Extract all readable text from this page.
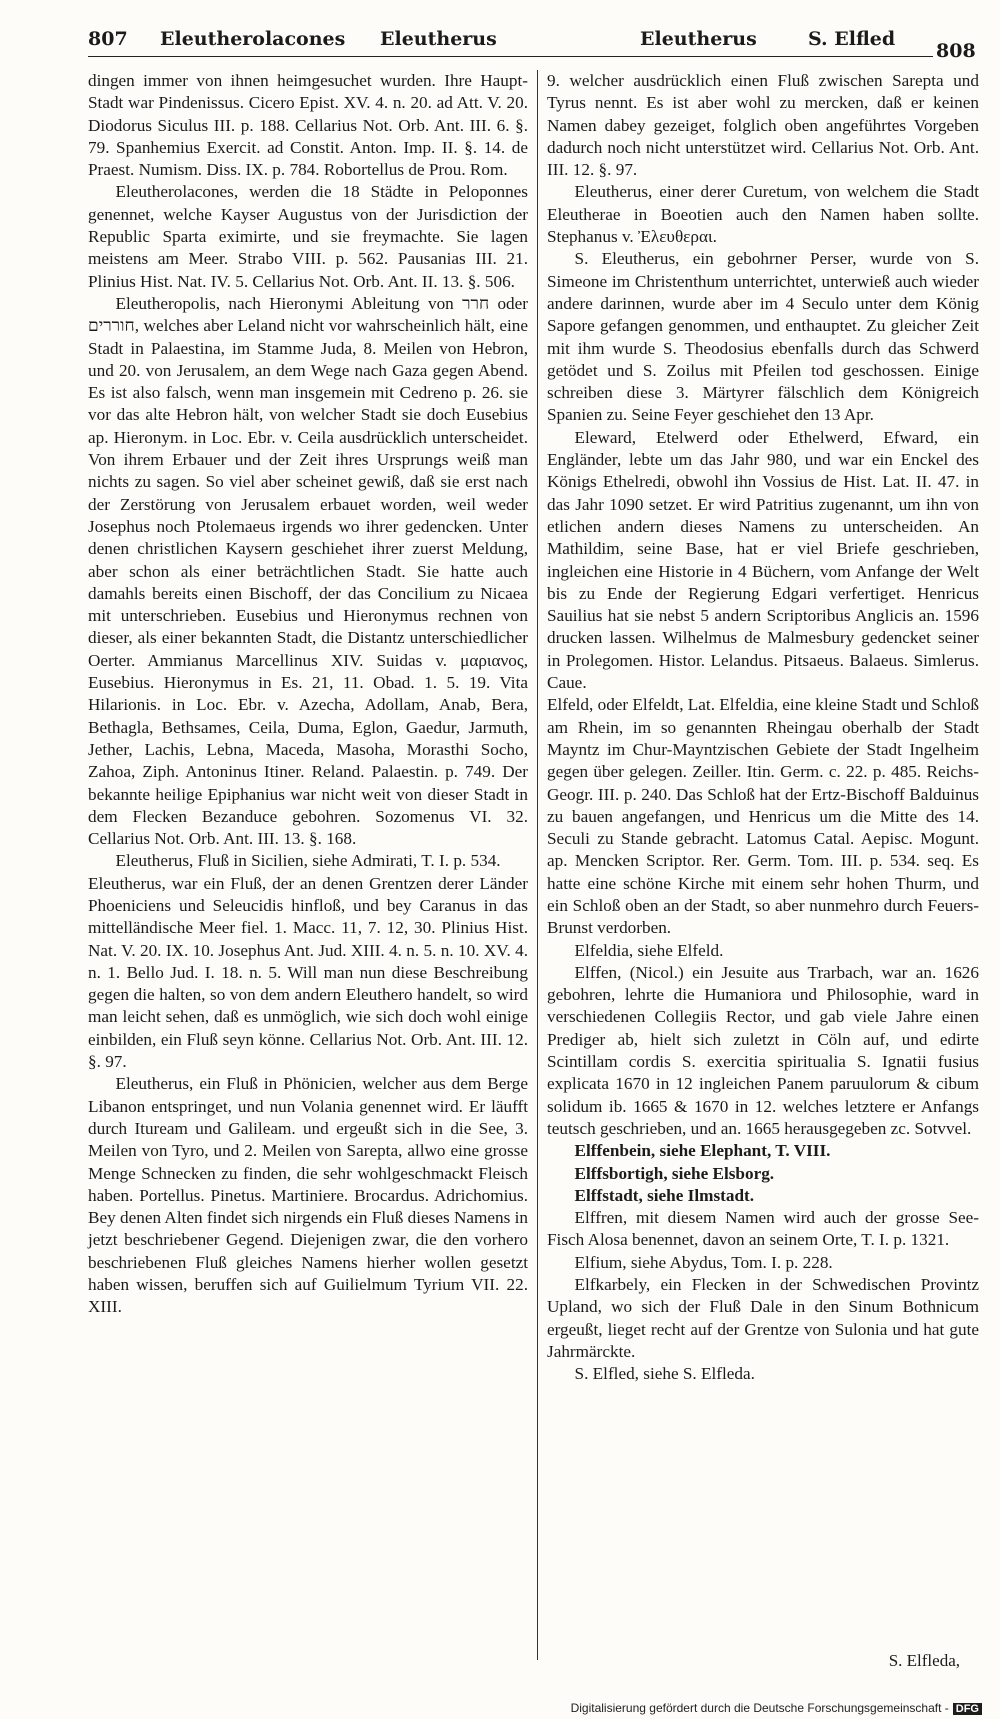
807 Eleutherolacones Eleutherus	Eleutherus	S. Elfled
808

dingen immer von ihnen heimgesuchet wurden. Ihre Haupt-Stadt war Pindenissus. Cicero Epist. XV. 4. n. 20. ad Att. V. 20. Diodorus Siculus III. p. 188. Cellarius Not. Orb. Ant. III. 6. §. 79. Spanhemius Exercit. ad Constit. Anton. Imp. II. §. 14. de Praest. Numism. Diss. IX. p. 784. Robortellus de Prou. Rom.

Eleutherolacones, werden die 18 Städte in Peloponnes genennet, welche Kayser Augustus von der Jurisdiction der Republic Sparta eximirte, und sie freymachte. Sie lagen meistens am Meer. Strabo VIII. p. 562. Pausanias III. 21. Plinius Hist. Nat. IV. 5. Cellarius Not. Orb. Ant. II. 13. §. 506.

Eleutheropolis, nach Hieronymi Ableitung von חרר oder חוררים, welches aber Leland nicht vor wahrscheinlich hält, eine Stadt in Palaestina, im Stamme Juda, 8. Meilen von Hebron, und 20. von Jerusalem, an dem Wege nach Gaza gegen Abend. Es ist also falsch, wenn man insgemein mit Cedreno p. 26. sie vor das alte Hebron hält, von welcher Stadt sie doch Eusebius ap. Hieronym. in Loc. Ebr. v. Ceila ausdrücklich unterscheidet. Von ihrem Erbauer und der Zeit ihres Ursprungs weiß man nichts zu sagen. So viel aber scheinet gewiß, daß sie erst nach der Zerstörung von Jerusalem erbauet worden, weil weder Josephus noch Ptolemaeus irgends wo ihrer gedencken. Unter denen christlichen Kaysern geschiehet ihrer zuerst Meldung, aber schon als einer beträchtlichen Stadt. Sie hatte auch damahls bereits einen Bischoff, der das Concilium zu Nicaea mit unterschrieben. Eusebius und Hieronymus rechnen von dieser, als einer bekannten Stadt, die Distantz unterschiedlicher Oerter. Ammianus Marcellinus XIV. Suidas v. μαριανος, Eusebius. Hieronymus in Es. 21, 11. Obad. 1. 5. 19. Vita Hilarionis. in Loc. Ebr. v. Azecha, Adollam, Anab, Bera, Bethagla, Bethsames, Ceila, Duma, Eglon, Gaedur, Jarmuth, Jether, Lachis, Lebna, Maceda, Masoha, Morasthi Socho, Zahoa, Ziph. Antoninus Itiner. Reland. Palaestin. p. 749. Der bekannte heilige Epiphanius war nicht weit von dieser Stadt in dem Flecken Bezanduce gebohren. Sozomenus VI. 32. Cellarius Not. Orb. Ant. III. 13. §. 168.

Eleutherus, Fluß in Sicilien, siehe Admirati, T. I. p. 534.

Eleutherus, war ein Fluß, der an denen Grentzen derer Länder Phoeniciens und Seleucidis hinfloß, und bey Caranus in das mittelländische Meer fiel. 1. Macc. 11, 7. 12, 30. Plinius Hist. Nat. V. 20. IX. 10. Josephus Ant. Jud. XIII. 4. n. 5. n. 10. XV. 4. n. 1. Bello Jud. I. 18. n. 5. Will man nun diese Beschreibung gegen die halten, so von dem andern Eleuthero handelt, so wird man leicht sehen, daß es unmöglich, wie sich doch wohl einige einbilden, ein Fluß seyn könne. Cellarius Not. Orb. Ant. III. 12. §. 97.

Eleutherus, ein Fluß in Phönicien, welcher aus dem Berge Libanon entspringet, und nun Volania genennet wird. Er läufft durch Ituream und Galileam. und ergeußt sich in die See, 3. Meilen von Tyro, und 2. Meilen von Sarepta, allwo eine grosse Menge Schnecken zu finden, die sehr wohlgeschmackt Fleisch haben. Portellus. Pinetus. Martiniere. Brocardus. Adrichomius. Bey denen Alten findet sich nirgends ein Fluß dieses Namens in jetzt beschriebener Gegend. Diejenigen zwar, die den vorhero beschriebenen Fluß gleiches Namens hierher wollen gesetzt haben wissen, beruffen sich auf Guilielmum Tyrium VII. 22. XIII.

9. welcher ausdrücklich einen Fluß zwischen Sarepta und Tyrus nennt. Es ist aber wohl zu mercken, daß er keinen Namen dabey gezeiget, folglich oben angeführtes Vorgeben dadurch noch nicht unterstützet wird. Cellarius Not. Orb. Ant. III. 12. §. 97.

Eleutherus, einer derer Curetum, von welchem die Stadt Eleutherae in Boeotien auch den Namen haben sollte. Stephanus v. Ἐλευθεραι.

S. Eleutherus, ein gebohrner Perser, wurde von S. Simeone im Christenthum unterrichtet, unterwieß auch wieder andere darinnen, wurde aber im 4 Seculo unter dem König Sapore gefangen genommen, und enthauptet. Zu gleicher Zeit mit ihm wurde S. Theodosius ebenfalls durch das Schwerd getödet und S. Zoilus mit Pfeilen tod geschossen. Einige schreiben diese 3. Märtyrer fälschlich dem Königreich Spanien zu. Seine Feyer geschiehet den 13 Apr.

Eleward, Etelwerd oder Ethelwerd, Efward, ein Engländer, lebte um das Jahr 980, und war ein Enckel des Königs Ethelredi, obwohl ihn Vossius de Hist. Lat. II. 47. in das Jahr 1090 setzet. Er wird Patritius zugenannt, um ihn von etlichen andern dieses Namens zu unterscheiden. An Mathildim, seine Base, hat er viel Briefe geschrieben, ingleichen eine Historie in 4 Büchern, vom Anfange der Welt bis zu Ende der Regierung Edgari verfertiget. Henricus Sauilius hat sie nebst 5 andern Scriptoribus Anglicis an. 1596 drucken lassen. Wilhelmus de Malmesbury gedencket seiner in Prolegomen. Histor. Lelandus. Pitsaeus. Balaeus. Simlerus. Caue.

Elfeld, oder Elfeldt, Lat. Elfeldia, eine kleine Stadt und Schloß am Rhein, im so genannten Rheingau oberhalb der Stadt Mayntz im Chur-Mayntzischen Gebiete der Stadt Ingelheim gegen über gelegen. Zeiller. Itin. Germ. c. 22. p. 485. Reichs-Geogr. III. p. 240. Das Schloß hat der Ertz-Bischoff Balduinus zu bauen angefangen, und Henricus um die Mitte des 14. Seculi zu Stande gebracht. Latomus Catal. Aepisc. Mogunt. ap. Mencken Scriptor. Rer. Germ. Tom. III. p. 534. seq. Es hatte eine schöne Kirche mit einem sehr hohen Thurm, und ein Schloß oben an der Stadt, so aber nunmehro durch Feuers-Brunst verdorben.

Elfeldia, siehe Elfeld.

Elffen, (Nicol.) ein Jesuite aus Trarbach, war an. 1626 gebohren, lehrte die Humaniora und Philosophie, ward in verschiedenen Collegiis Rector, und gab viele Jahre einen Prediger ab, hielt sich zuletzt in Cöln auf, und edirte Scintillam cordis S. exercitia spiritualia S. Ignatii fusius explicata 1670 in 12 ingleichen Panem paruulorum & cibum solidum ib. 1665 & 1670 in 12. welches letztere er Anfangs teutsch geschrieben, und an. 1665 herausgegeben zc. Sotvvel.

Elffenbein, siehe Elephant, T. VIII.

Elffsbortigh, siehe Elsborg.

Elffstadt, siehe Ilmstadt.

Elffren, mit diesem Namen wird auch der grosse See-Fisch Alosa benennet, davon an seinem Orte, T. I. p. 1321.

Elfium, siehe Abydus, Tom. I. p. 228.

Elfkarbely, ein Flecken in der Schwedischen Provintz Upland, wo sich der Fluß Dale in den Sinum Bothnicum ergeußt, lieget recht auf der Grentze von Sulonia und hat gute Jahrmärckte.

S. Elfled, siehe S. Elfleda.

S. Elfleda,
Digitalisierung gefördert durch die Deutsche Forschungsgemeinschaft - DFG
